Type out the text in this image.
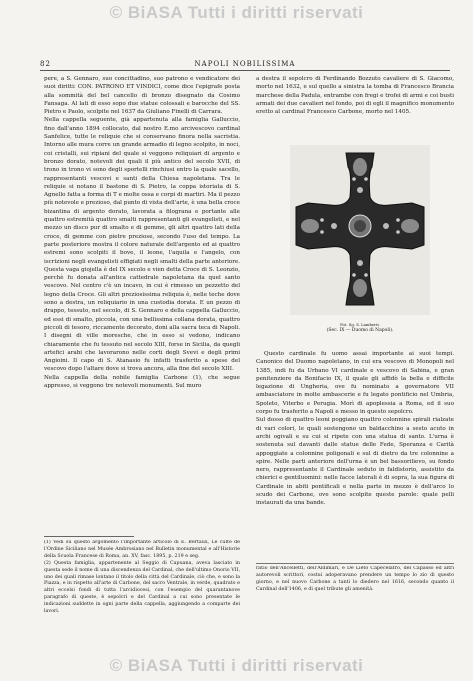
© BiASA Tutti i diritti riservati

82	NAPOLI NOBILISSIMA
pere, a S. Gennaro, suo concittadino, suo patrono e vendicatore dei suoi diritti: CON. PATRONO ET VINDICI, come dice l'epigrafe posta alla sommità del bel cancello di bronzo disegnato da Cosimo Fansaga. Al lati di esso sopo due statue colossali e barocche del SS. Pietro e Paolo, scolpite nel 1637 da Giuliano Finelli di Carrara.
Nella cappella seguente, già appartenuta alla famiglia Galluccio, fino dall'anno 1894 collocato, dal nostro E.mo arcivescovo cardinal Sanfelice, tutte le reliquie che si conservano finora nella sacristia. Intorno alle mura corre un grande armadio di legno scolpito, in noci, coi cristalli, sui ripiani del quale si veggono reliquiari di argento e bronzo dorato, notevoli dei quali il più antico del secolo XVII, di trono in trono vi sono degli sportelli rinchiusi entro la quale sacello, rappresentanti vescovi e santi della Chiesa napoletana. Tra le reliquie si notano il bastone di S. Pietro, la coppa istoriata di S. Agnello fatta a forma di T e molte ossa e corpi di martiri. Ma il pezzo più notevole e prezioso, dal punto di vista dell'arte, è una bella croce bizantina di argento dorato, lavorata a filograna e portante alle quattro estremità quattro smalti rappresentanti gli evangelisti, e nel mezzo un disco pur di smalto e di gemme, gli altri quattro lati della croce, di gemme con pietre preziose, secondo l'uso del tempo. La parte posteriore mostra il colore naturale dell'argento ed ai quattro estremi sono scolpiti il bove, il leone, l'aquila e l'angelo, con iscrizioni negli evangelisti effigiati negli smalti della parte anteriore. Questa vaga giojella è del IX secolo e vien detta Croce di S. Leonzio, perchè fu donata all'antica cattedrale napoletana da quel santo vescovo. Nel centro c'è un incavo, in cui è rimesso un pezzetto del legno della Croce. Gli altri preziosissima reliquia è, nelle teche dove sono a destra, un reliquiario in una custodia dorata. E un pezzo di drappo, tessuto, nel secolo, di S. Gennaro e della cappella Galluccio, ed essi di smalto, piccola, con una bellissima collana dorata, quattro piccoli di tesoro, riccamente decorato, doni alla sacra teca di Napoli. I disegni di ville moresche, che in esso si vedono, indicano chiaramente che fu tessuto nel secolo XIII, forse in Sicilia, da quegli artefici arabi che lavorarono nelle corti degli Svevi e degli primi Angioini. Il capo di S. Atanasio fu infatti trasferito a spese del vescovo dopo l'altare dove si trova ancora, alla fine del secolo XIII.
Nella cappella della nobile famiglia Carbone (1), che segue appresso, si veggono tre notevoli monumenti. Sul muro
a destra il sepolcro di Ferdinando Bozzuto cavaliere di S. Giacomo, morto nel 1632, e sul quello a sinistra la tomba di Francesco Brancia marchese della Padula, entrambe con fregi e trofei di armi e coi busti armati dei due cavalieri nel fondo, poi di egli il magnifico monumento eretto al cardinal Francesco Carbone, morto nel 1405.
Fot. Sg. S. Lamberti.
(Sec. IX — Duomo di Napoli).
Questo cardinale fu uomo assai importante ai suoi tempi. Canonico del Duomo napoletano, in cui era vescovo di Monopoli nel 1385, indi fu da Urbano VI cardinale e vescovo di Sabina, e gran penitenziere da Bonifacio IX, il quale gli affidò la bella e difficile legazione di Ungheria, ove fu nominato a governatore VII ambasciatore in molte ambascerie e fu legato pontificio nel Umbria, Spoleto, Viterbo e Perugia. Morì di apoplessia a Roma, ed il suo corpo fu trasferito a Napoli e messo in questo sepolcro.
Sul dosso di quattro leoni poggiano quattro colonnine spirali rialzate di vari colori, le quali sostengono un baldacchino a sesto acuto in archi ogivali e su cui si ripete con una statua di santo. L'urna è sostenuta sul davanti dalle statue delle Fede, Speranza e Carità appoggiate a colonnine poligonali e sul di dietro da tre colonnine a spire. Nelle parti anteriore dell'urna è un bel bassorilievo, su fondo nero, rappresentante il Cardinale seduto in faldistorio, assistito da chierici e gentiluomini: nelle facce laterali è di sopra, la sua figura di Cardinale in abiti pontificali e nella parte in mezzo è dell'arco lo scudo dei Carbone, ove sono scolpite queste parole: quale pelli instaurati da una bande.
(1) Vedi su questo argomento l'importante articolo di E. Bertaux, Le culte de l'Ordine Siciliano nel Musée Ambrosiano nel Bulletin monumental e all'Historie della Scuola Francese di Roma, an. XV, fasc. 1895, p. 219 e seg.
(2) Questa famiglia, appartenente al Seggio di Capuana, aveva lasciato in questa sede il nome di una discendenza del Cardinal, che dell'ultimo Onorio VII, uno dei quali rimase lontano il titolo della città del Cardinale, ciò che, e sono la Piazza, e in rispetto all'arte di Carbone, del sacro Ventrale, in verde, quadrato e altri eccelsi fondi di tutta l'arcidiocesi, con l'esempio del quarantanove paragrafo di queste, è sepolcri e del Cardinal a cui sono presentate le indicazioni suddette in ogni parte della cappella, aggiungendo a comparte dei lavori.
ratio dell'Ancelletti, dell'Aldimari, e De Lieto Capecelatro, del Capasso ed altri autorevoli scrittori, costui adoperavano prendere un tempo lo zio di questo giorno, e nel nuovo Carbone a tanti lo diedero nel 1616, secondo quanto il Cardinal dell'1406, e di quel tribute gli amenità.
© BiASA Tutti i diritti riservati
